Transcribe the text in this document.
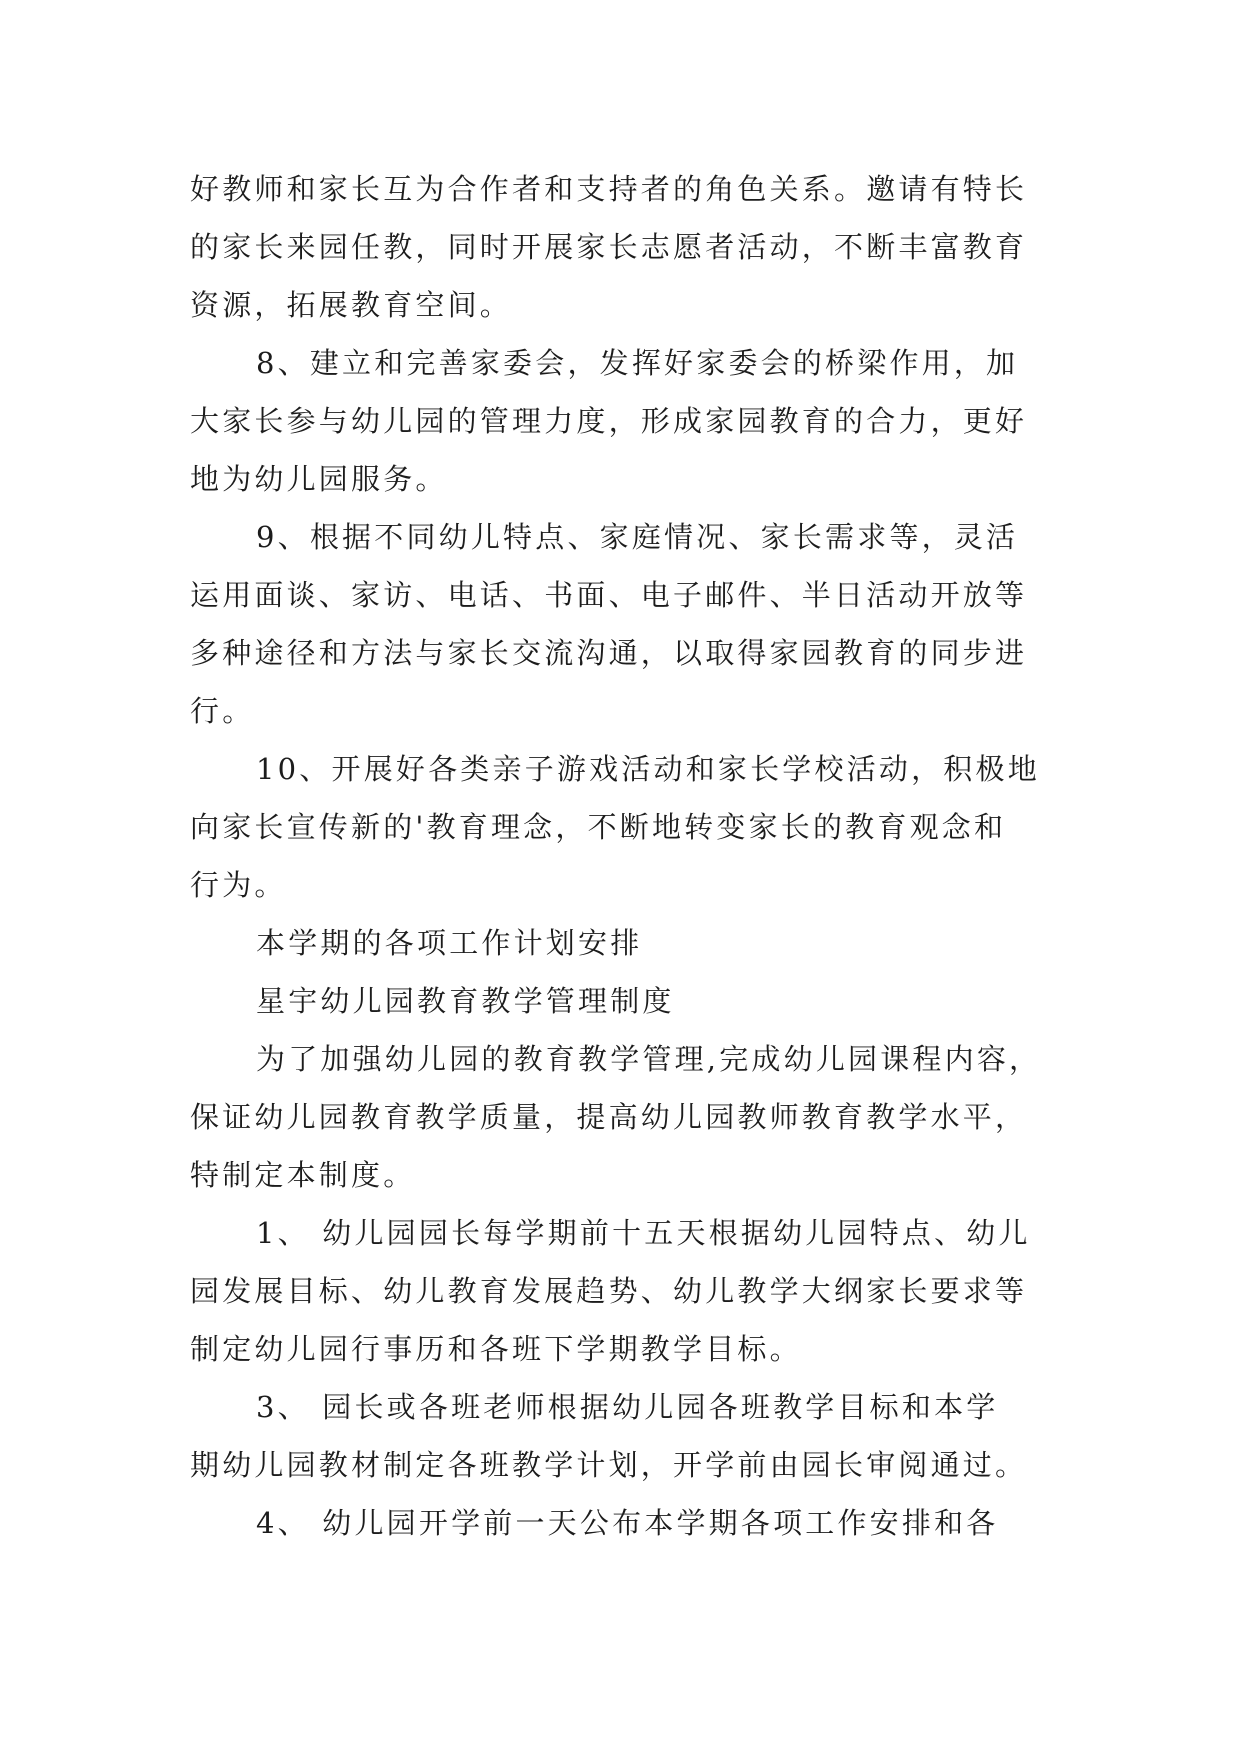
好教师和家长互为合作者和支持者的角色关系。邀请有特长
的家长来园任教，同时开展家长志愿者活动，不断丰富教育
资源，拓展教育空间。
8、建立和完善家委会，发挥好家委会的桥梁作用，加
大家长参与幼儿园的管理力度，形成家园教育的合力，更好
地为幼儿园服务。
9、根据不同幼儿特点、家庭情况、家长需求等，灵活
运用面谈、家访、电话、书面、电子邮件、半日活动开放等
多种途径和方法与家长交流沟通，以取得家园教育的同步进
行。
10、开展好各类亲子游戏活动和家长学校活动，积极地
向家长宣传新的'教育理念，不断地转变家长的教育观念和
行为。
本学期的各项工作计划安排
星宇幼儿园教育教学管理制度
为了加强幼儿园的教育教学管理,完成幼儿园课程内容，
保证幼儿园教育教学质量，提高幼儿园教师教育教学水平，
特制定本制度。
1、 幼儿园园长每学期前十五天根据幼儿园特点、幼儿
园发展目标、幼儿教育发展趋势、幼儿教学大纲家长要求等
制定幼儿园行事历和各班下学期教学目标。
3、 园长或各班老师根据幼儿园各班教学目标和本学
期幼儿园教材制定各班教学计划，开学前由园长审阅通过。
4、 幼儿园开学前一天公布本学期各项工作安排和各
